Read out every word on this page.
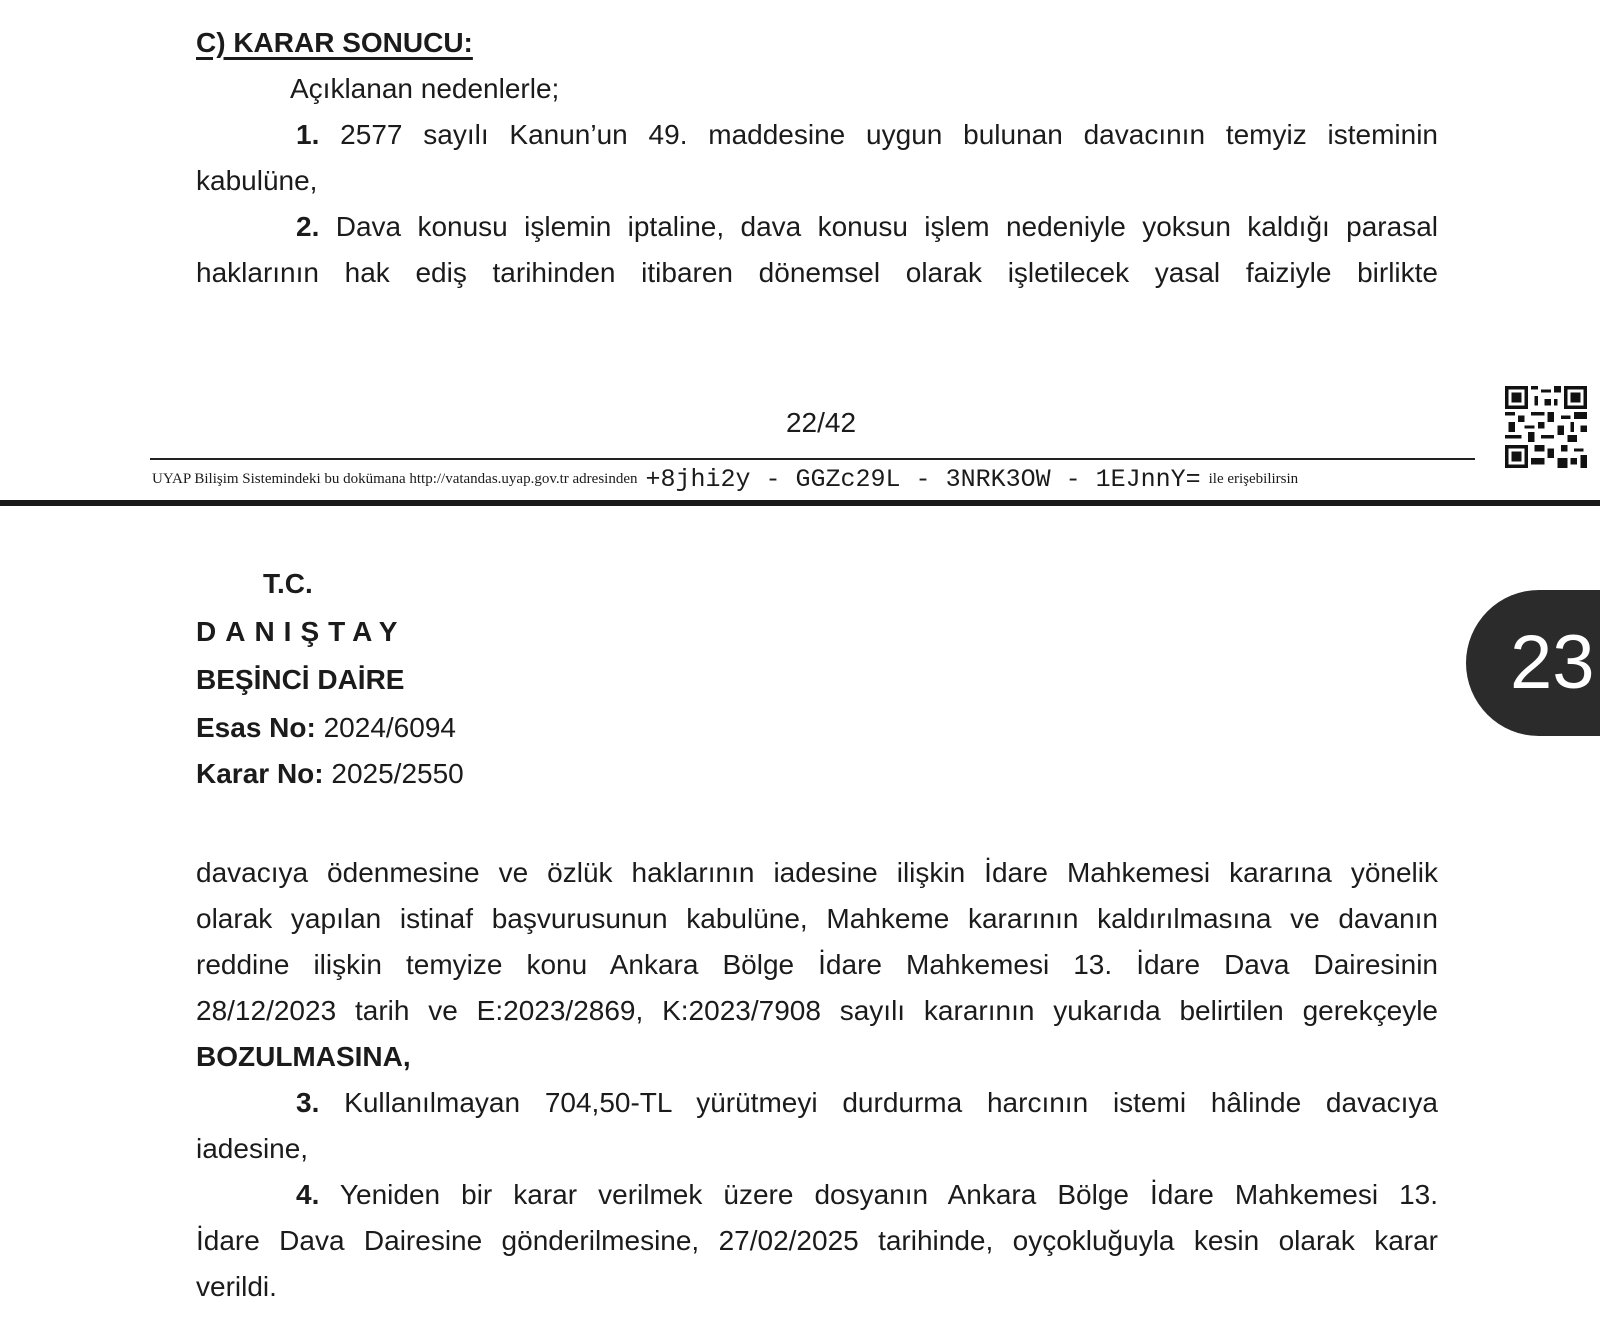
C) KARAR SONUCU:
Açıklanan nedenlerle;
1. 2577 sayılı Kanun’un 49. maddesine uygun bulunan davacının temyiz isteminin
kabulüne,
2. Dava konusu işlemin iptaline, dava konusu işlem nedeniyle yoksun kaldığı parasal
haklarının hak ediş tarihinden itibaren dönemsel olarak işletilecek yasal faiziyle birlikte
22/42
UYAP Bilişim Sistemindeki bu dokümana http://vatandas.uyap.gov.tr adresinden +8jhi2y - GGZc29L - 3NRK3OW - 1EJnnY= ile erişebilirsin
23
T.C.
DANIŞTAY
BEŞİNCİ DAİRE
Esas No: 2024/6094
Karar No: 2025/2550
davacıya ödenmesine ve özlük haklarının iadesine ilişkin İdare Mahkemesi kararına yönelik
olarak yapılan istinaf başvurusunun kabulüne, Mahkeme kararının kaldırılmasına ve davanın
reddine ilişkin temyize konu Ankara Bölge İdare Mahkemesi 13. İdare Dava Dairesinin
28/12/2023 tarih ve E:2023/2869, K:2023/7908 sayılı kararının yukarıda belirtilen gerekçeyle
BOZULMASINA,
3. Kullanılmayan 704,50-TL yürütmeyi durdurma harcının istemi hâlinde davacıya
iadesine,
4. Yeniden bir karar verilmek üzere dosyanın Ankara Bölge İdare Mahkemesi 13.
İdare Dava Dairesine gönderilmesine, 27/02/2025 tarihinde, oyçokluğuyla kesin olarak karar
verildi.
